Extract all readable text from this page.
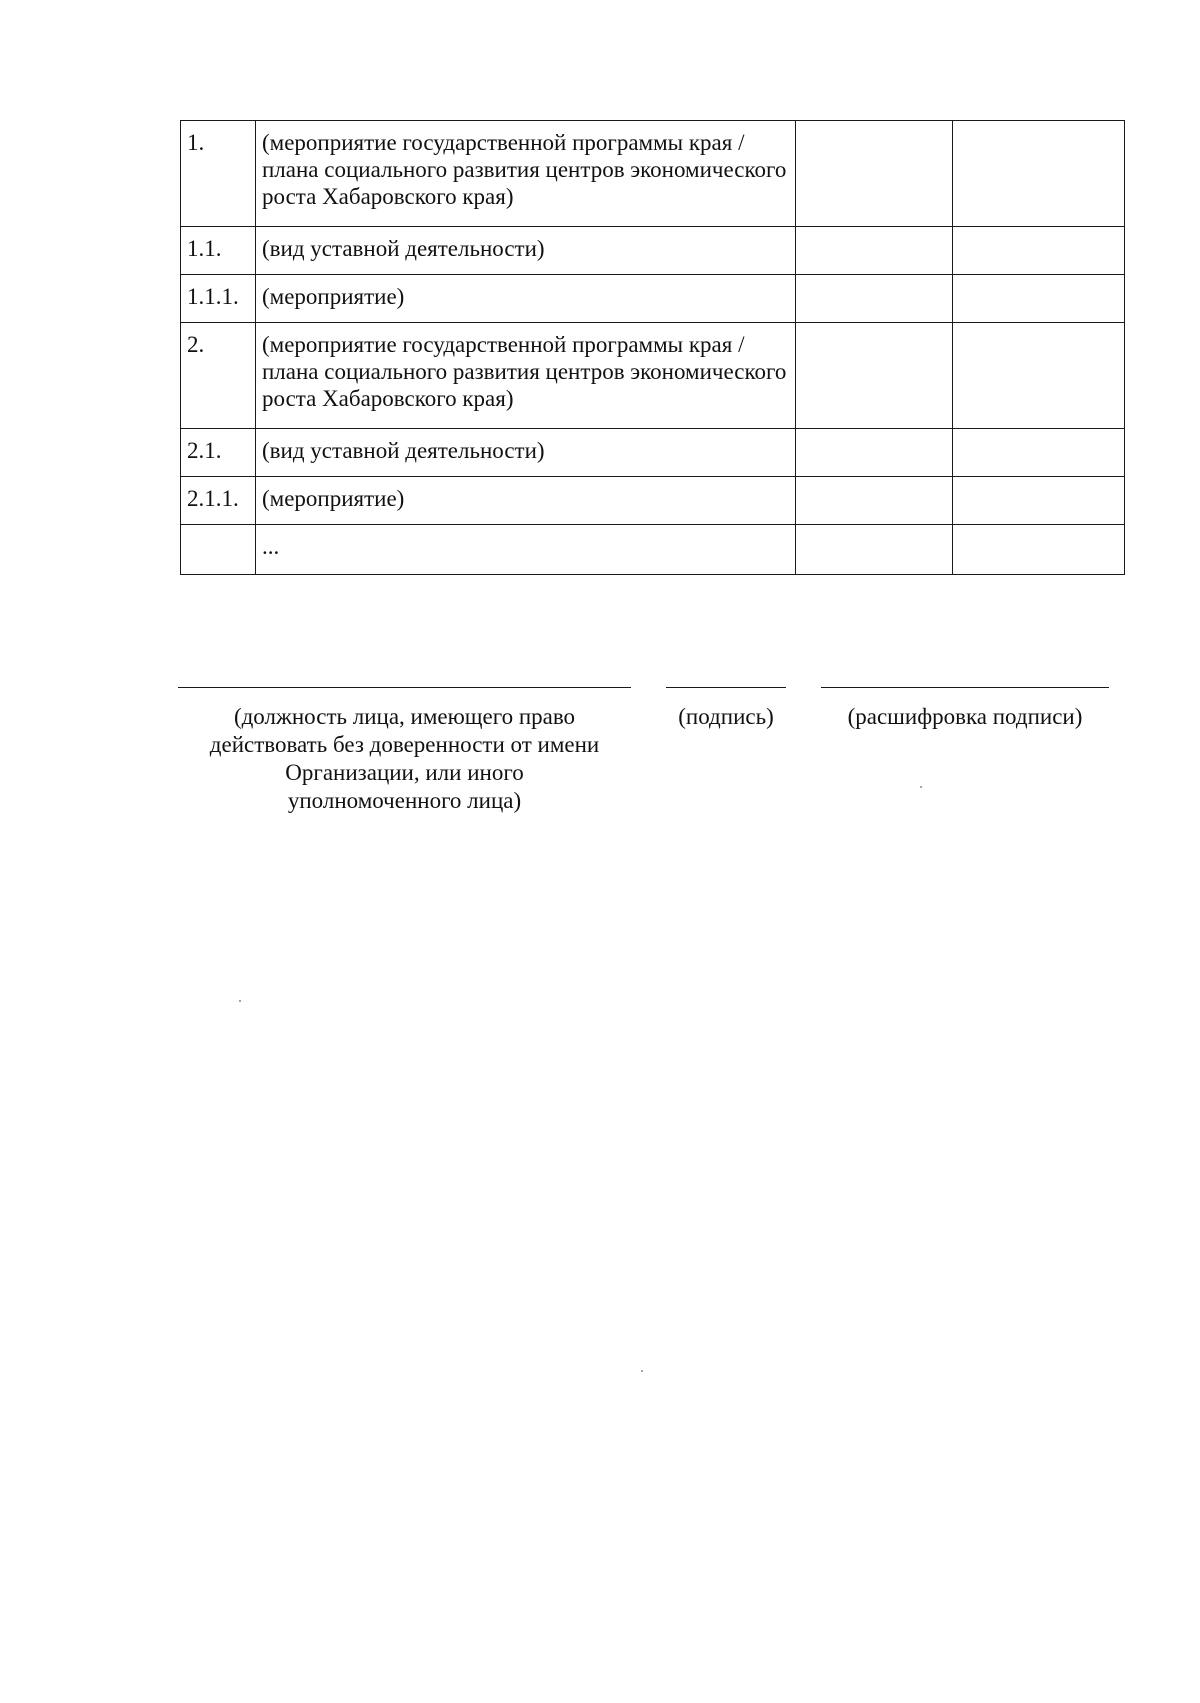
1.	(мероприятие государственной программы края / плана социального развития центров экономического роста Хабаровского края)		
1.1.	(вид уставной деятельности)		
1.1.1.	(мероприятие)		
2.	(мероприятие государственной программы края / плана социального развития центров экономического роста Хабаровского края)		
2.1.	(вид уставной деятельности)		
2.1.1.	(мероприятие)		
	...		
(должность лица, имеющего право
действовать без доверенности от имени
Организации, или иного
уполномоченного лица)
(подпись)	(расшифровка подписи)
